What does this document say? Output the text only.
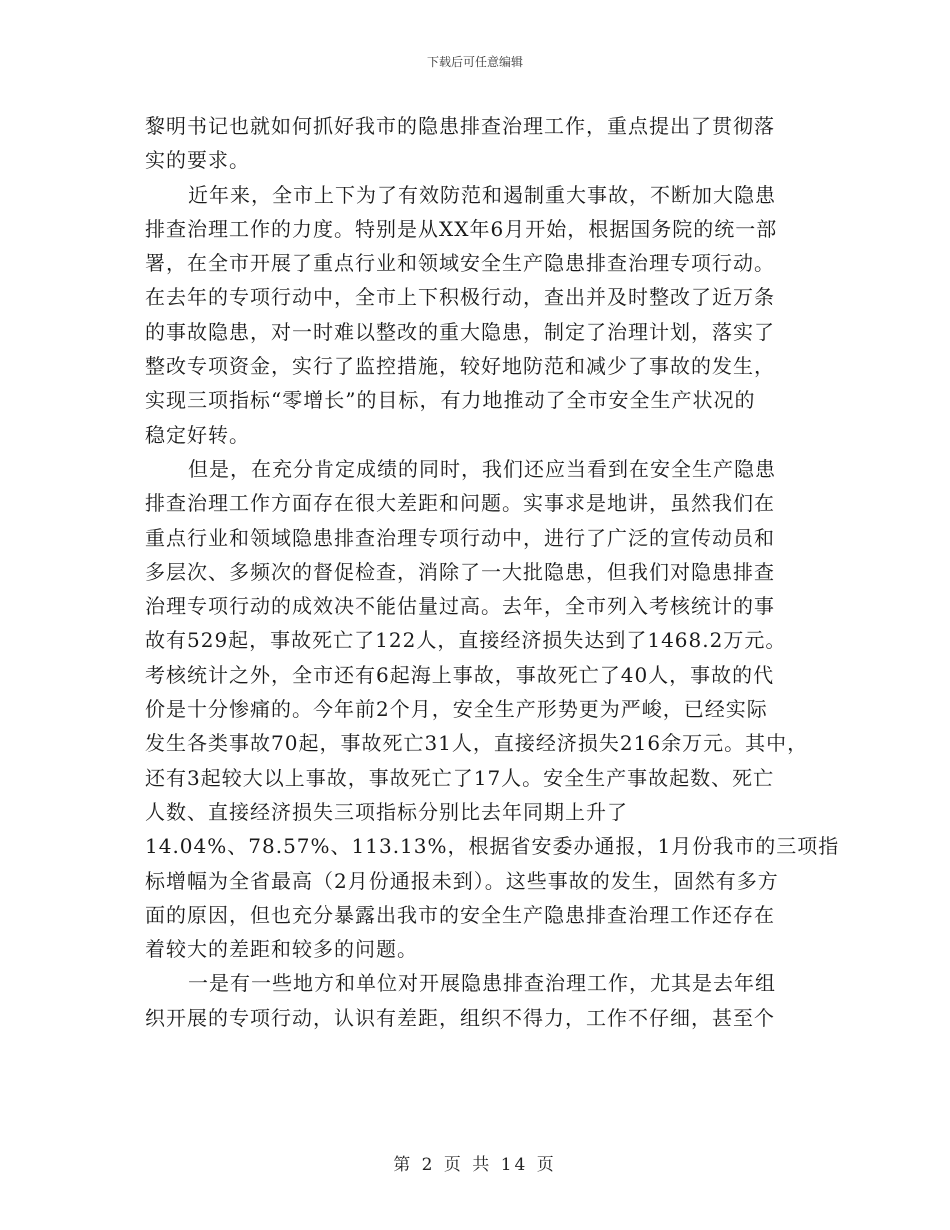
下载后可任意编辑
黎明书记也就如何抓好我市的隐患排查治理工作，重点提出了贯彻落
实的要求。
近年来，全市上下为了有效防范和遏制重大事故，不断加大隐患
排查治理工作的力度。特别是从XX年6月开始，根据国务院的统一部
署，在全市开展了重点行业和领域安全生产隐患排查治理专项行动。
在去年的专项行动中，全市上下积极行动，查出并及时整改了近万条
的事故隐患，对一时难以整改的重大隐患，制定了治理计划，落实了
整改专项资金，实行了监控措施，较好地防范和减少了事故的发生，
实现三项指标“零增长”的目标，有力地推动了全市安全生产状况的
稳定好转。
但是，在充分肯定成绩的同时，我们还应当看到在安全生产隐患
排查治理工作方面存在很大差距和问题。实事求是地讲，虽然我们在
重点行业和领域隐患排查治理专项行动中，进行了广泛的宣传动员和
多层次、多频次的督促检查，消除了一大批隐患，但我们对隐患排查
治理专项行动的成效决不能估量过高。去年，全市列入考核统计的事
故有529起，事故死亡了122人，直接经济损失达到了1468.2万元。
考核统计之外，全市还有6起海上事故，事故死亡了40人，事故的代
价是十分惨痛的。今年前2个月，安全生产形势更为严峻，已经实际
发生各类事故70起，事故死亡31人，直接经济损失216余万元。其中，
还有3起较大以上事故，事故死亡了17人。安全生产事故起数、死亡
人数、直接经济损失三项指标分别比去年同期上升了
14.04%、78.57%、113.13%，根据省安委办通报，1月份我市的三项指
标增幅为全省最高（2月份通报未到）。这些事故的发生，固然有多方
面的原因，但也充分暴露出我市的安全生产隐患排查治理工作还存在
着较大的差距和较多的问题。
一是有一些地方和单位对开展隐患排查治理工作，尤其是去年组
织开展的专项行动，认识有差距，组织不得力，工作不仔细，甚至个
第 2 页 共 14 页
